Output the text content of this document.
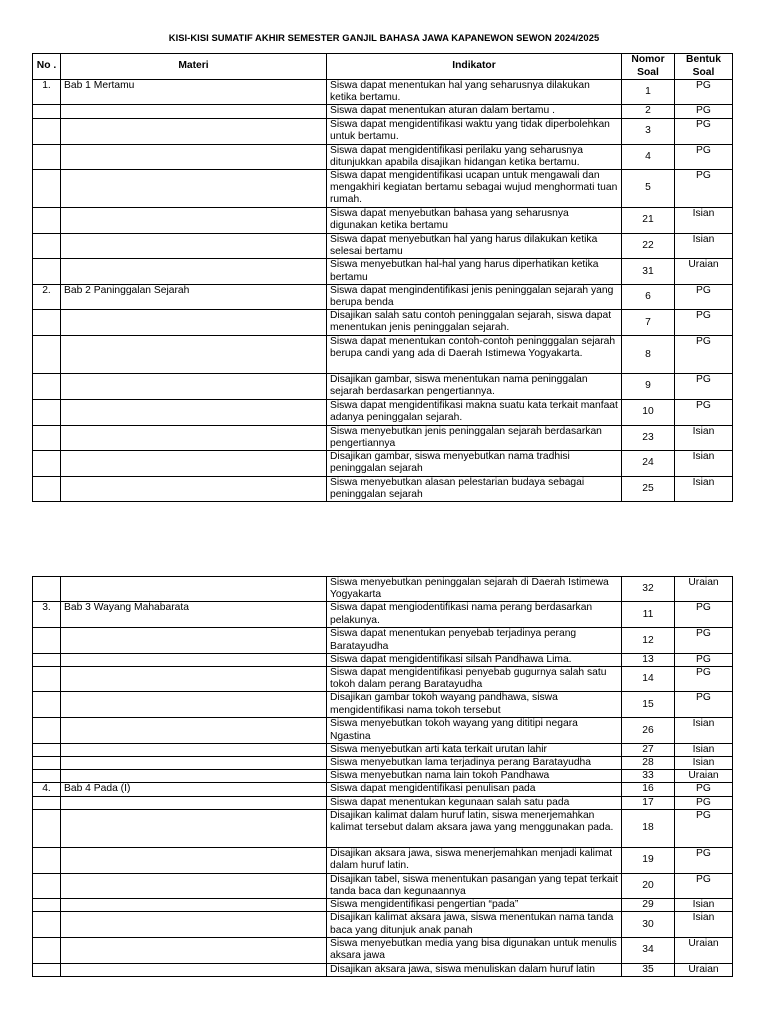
KISI-KISI SUMATIF AKHIR SEMESTER GANJIL BAHASA JAWA KAPANEWON SEWON 2024/2025
No .	Materi	Indikator	Nomor Soal	Bentuk Soal
1.	Bab 1 Mertamu	Siswa dapat menentukan hal yang seharusnya dilakukan ketika bertamu.	1	PG
		Siswa dapat menentukan aturan dalam bertamu .	2	PG
		Siswa dapat mengidentifikasi waktu yang tidak diperbolehkan untuk bertamu.	3	PG
		Siswa dapat mengidentifikasi perilaku yang seharusnya ditunjukkan apabila disajikan hidangan ketika bertamu.	4	PG
		Siswa dapat mengidentifikasi ucapan untuk mengawali dan mengakhiri kegiatan bertamu sebagai wujud menghormati tuan rumah.	5	PG
		Siswa dapat menyebutkan bahasa yang seharusnya digunakan ketika bertamu	21	Isian
		Siswa dapat menyebutkan hal yang harus dilakukan ketika selesai bertamu	22	Isian
		Siswa menyebutkan hal-hal yang harus diperhatikan ketika bertamu	31	Uraian
2.	Bab 2 Paninggalan Sejarah	Siswa dapat mengindentifikasi jenis peninggalan sejarah yang berupa benda	6	PG
		Disajikan salah satu contoh peninggalan sejarah, siswa dapat menentukan jenis peninggalan sejarah.	7	PG
		Siswa dapat menentukan contoh-contoh peningggalan sejarah berupa candi yang ada di Daerah Istimewa Yogyakarta.	8	PG
		Disajikan gambar, siswa menentukan nama peninggalan sejarah berdasarkan pengertiannya.	9	PG
		Siswa dapat mengidentifikasi makna suatu kata terkait manfaat adanya peninggalan sejarah.	10	PG
		Siswa menyebutkan jenis peninggalan sejarah berdasarkan pengertiannya	23	Isian
		Disajikan gambar, siswa menyebutkan nama tradhisi peninggalan sejarah	24	Isian
		Siswa menyebutkan alasan pelestarian budaya sebagai peninggalan sejarah	25	Isian
		Siswa menyebutkan peninggalan sejarah di Daerah Istimewa Yogyakarta	32	Uraian
3.	Bab 3 Wayang Mahabarata	Siswa dapat mengiodentifikasi nama perang berdasarkan pelakunya.	11	PG
		Siswa dapat menentukan penyebab terjadinya perang Baratayudha	12	PG
		Siswa dapat mengidentifikasi silsah Pandhawa Lima.	13	PG
		Siswa dapat mengidentifikasi penyebab gugurnya salah satu tokoh dalam perang Baratayudha	14	PG
		Disajikan gambar tokoh wayang pandhawa, siswa mengidentifikasi nama tokoh tersebut	15	PG
		Siswa menyebutkan tokoh wayang yang dititipi negara Ngastina	26	Isian
		Siswa menyebutkan arti kata terkait urutan lahir	27	Isian
		Siswa menyebutkan lama terjadinya perang Baratayudha	28	Isian
		Siswa menyebutkan nama lain tokoh Pandhawa	33	Uraian
4.	Bab 4 Pada (I)	Siswa dapat mengidentifikasi penulisan pada	16	PG
		Siswa dapat menentukan kegunaan salah satu pada	17	PG
		Disajikan kalimat dalam huruf latin, siswa menerjemahkan kalimat tersebut dalam aksara jawa yang menggunakan pada.	18	PG
		Disajikan aksara jawa, siswa menerjemahkan menjadi kalimat dalam huruf latin.	19	PG
		Disajikan tabel, siswa menentukan pasangan yang tepat terkait tanda baca dan kegunaannya	20	PG
		Siswa mengidentifikasi pengertian “pada”	29	Isian
		Disajikan kalimat aksara jawa, siswa menentukan nama tanda baca yang ditunjuk anak panah	30	Isian
		Siswa menyebutkan media yang bisa digunakan untuk menulis aksara jawa	34	Uraian
		Disajikan aksara jawa, siswa menuliskan dalam huruf latin	35	Uraian
